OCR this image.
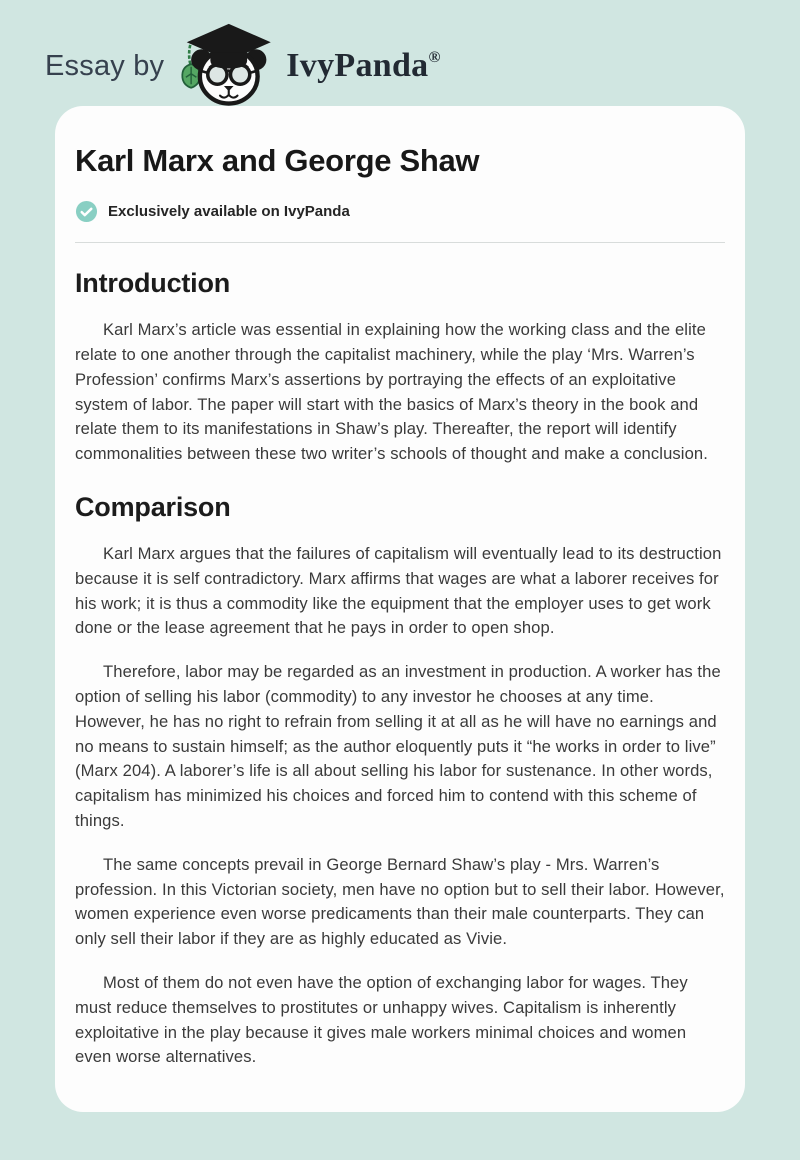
Essay by	IvyPanda®
Karl Marx and George Shaw
Exclusively available on IvyPanda
Introduction

Karl Marx’s article was essential in explaining how the working class and the elite relate to one another through the capitalist machinery, while the play ‘Mrs. Warren’s Profession’ confirms Marx’s assertions by portraying the effects of an exploitative system of labor. The paper will start with the basics of Marx’s theory in the book and relate them to its manifestations in Shaw’s play. Thereafter, the report will identify commonalities between these two writer’s schools of thought and make a conclusion.

Comparison

Karl Marx argues that the failures of capitalism will eventually lead to its destruction because it is self contradictory. Marx affirms that wages are what a laborer receives for his work; it is thus a commodity like the equipment that the employer uses to get work done or the lease agreement that he pays in order to open shop.

Therefore, labor may be regarded as an investment in production. A worker has the option of selling his labor (commodity) to any investor he chooses at any time. However, he has no right to refrain from selling it at all as he will have no earnings and no means to sustain himself; as the author eloquently puts it “he works in order to live” (Marx 204). A laborer’s life is all about selling his labor for sustenance. In other words, capitalism has minimized his choices and forced him to contend with this scheme of things.

The same concepts prevail in George Bernard Shaw’s play - Mrs. Warren’s profession. In this Victorian society, men have no option but to sell their labor. However, women experience even worse predicaments than their male counterparts. They can only sell their labor if they are as highly educated as Vivie.

Most of them do not even have the option of exchanging labor for wages. They must reduce themselves to prostitutes or unhappy wives. Capitalism is inherently exploitative in the play because it gives male workers minimal choices and women even worse alternatives.
